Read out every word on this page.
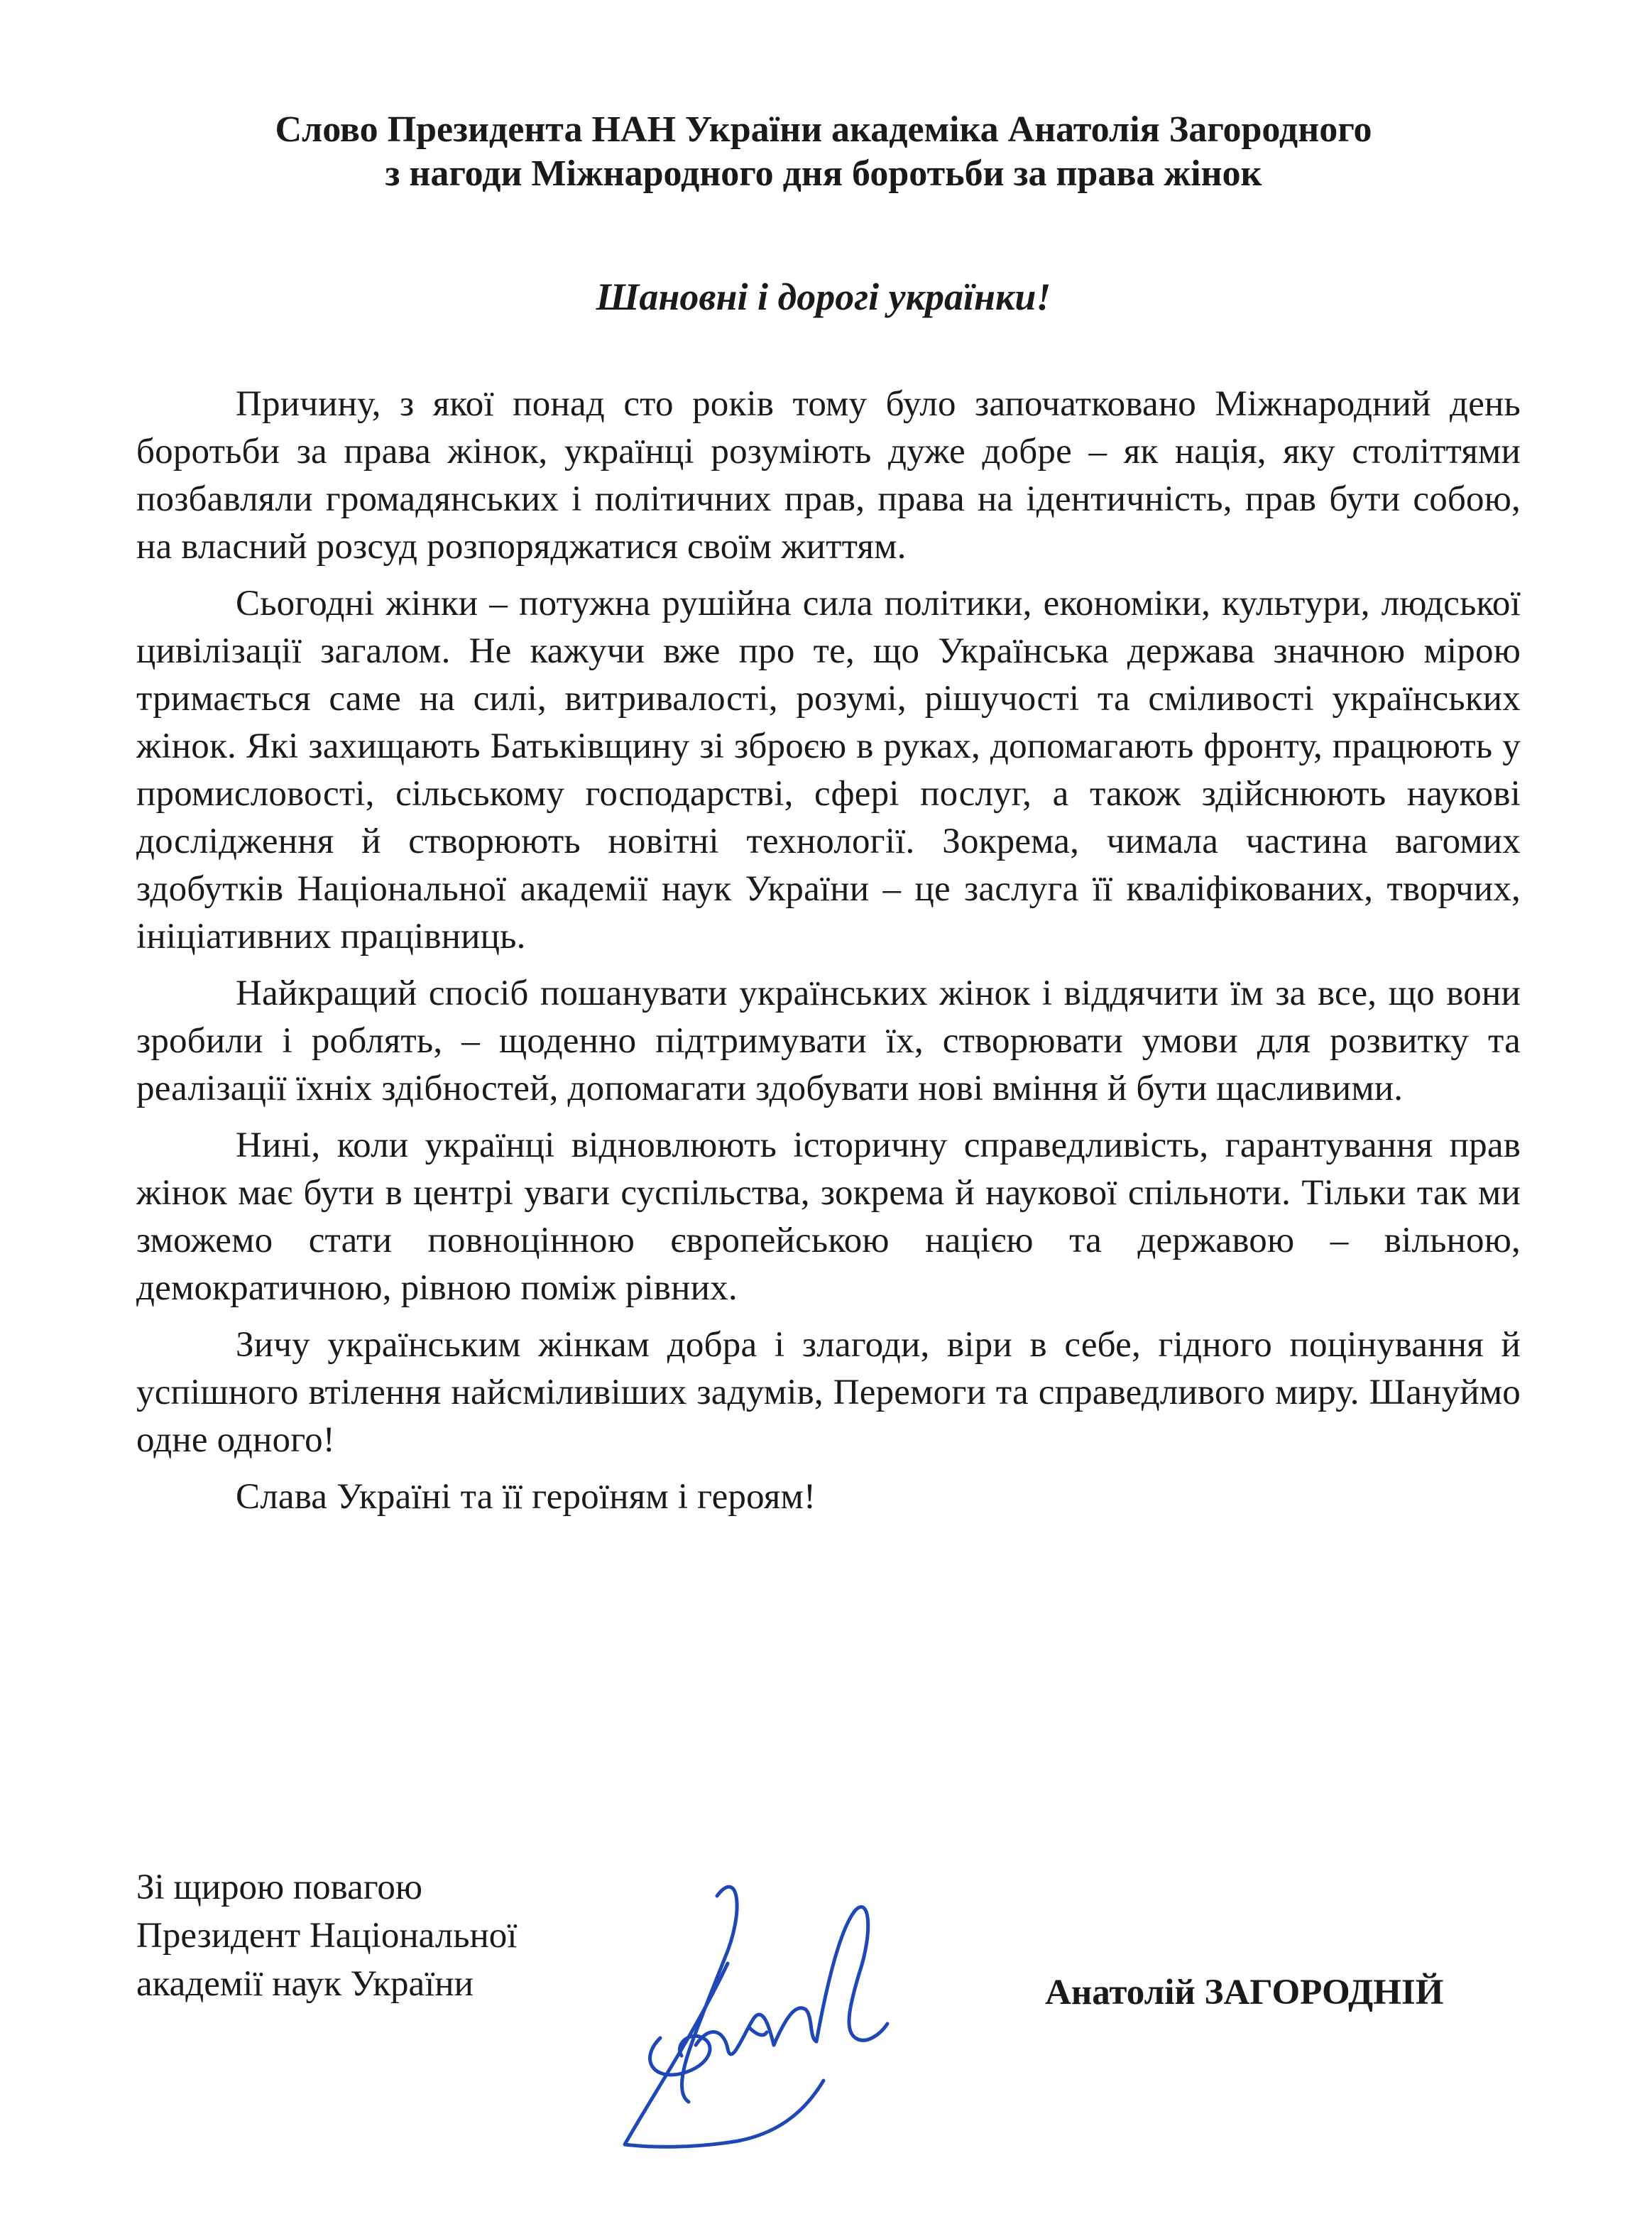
Слово Президента НАН України академіка Анатолія Загородного
з нагоди Міжнародного дня боротьби за права жінок
Шановні і дорогі українки!

Причину, з якої понад сто років тому було започатковано Міжнародний день боротьби за права жінок, українці розуміють дуже добре – як нація, яку століттями позбавляли громадянських і політичних прав, права на ідентичність, прав бути собою, на власний розсуд розпоряджатися своїм життям.

Сьогодні жінки – потужна рушійна сила політики, економіки, культури, людської цивілізації загалом. Не кажучи вже про те, що Українська держава значною мірою тримається саме на силі, витривалості, розумі, рішучості та сміливості українських жінок. Які захищають Батьківщину зі зброєю в руках, допомагають фронту, працюють у промисловості, сільському господарстві, сфері послуг, а також здійснюють наукові дослідження й створюють новітні технології. Зокрема, чимала частина вагомих здобутків Національної академії наук України – це заслуга її кваліфікованих, творчих, ініціативних працівниць.

Найкращий спосіб пошанувати українських жінок і віддячити їм за все, що вони зробили і роблять, – щоденно підтримувати їх, створювати умови для розвитку та реалізації їхніх здібностей, допомагати здобувати нові вміння й бути щасливими.

Нині, коли українці відновлюють історичну справедливість, гарантування прав жінок має бути в центрі уваги суспільства, зокрема й наукової спільноти. Тільки так ми зможемо стати повноцінною європейською нацією та державою – вільною, демократичною, рівною поміж рівних.

Зичу українським жінкам добра і злагоди, віри в себе, гідного поцінування й успішного втілення найсміливіших задумів, Перемоги та справедливого миру. Шануймо одне одного!

Слава Україні та її героїням і героям!

Зі щирою повагою
Президент Національної
академії наук України	Анатолій ЗАГОРОДНІЙ
